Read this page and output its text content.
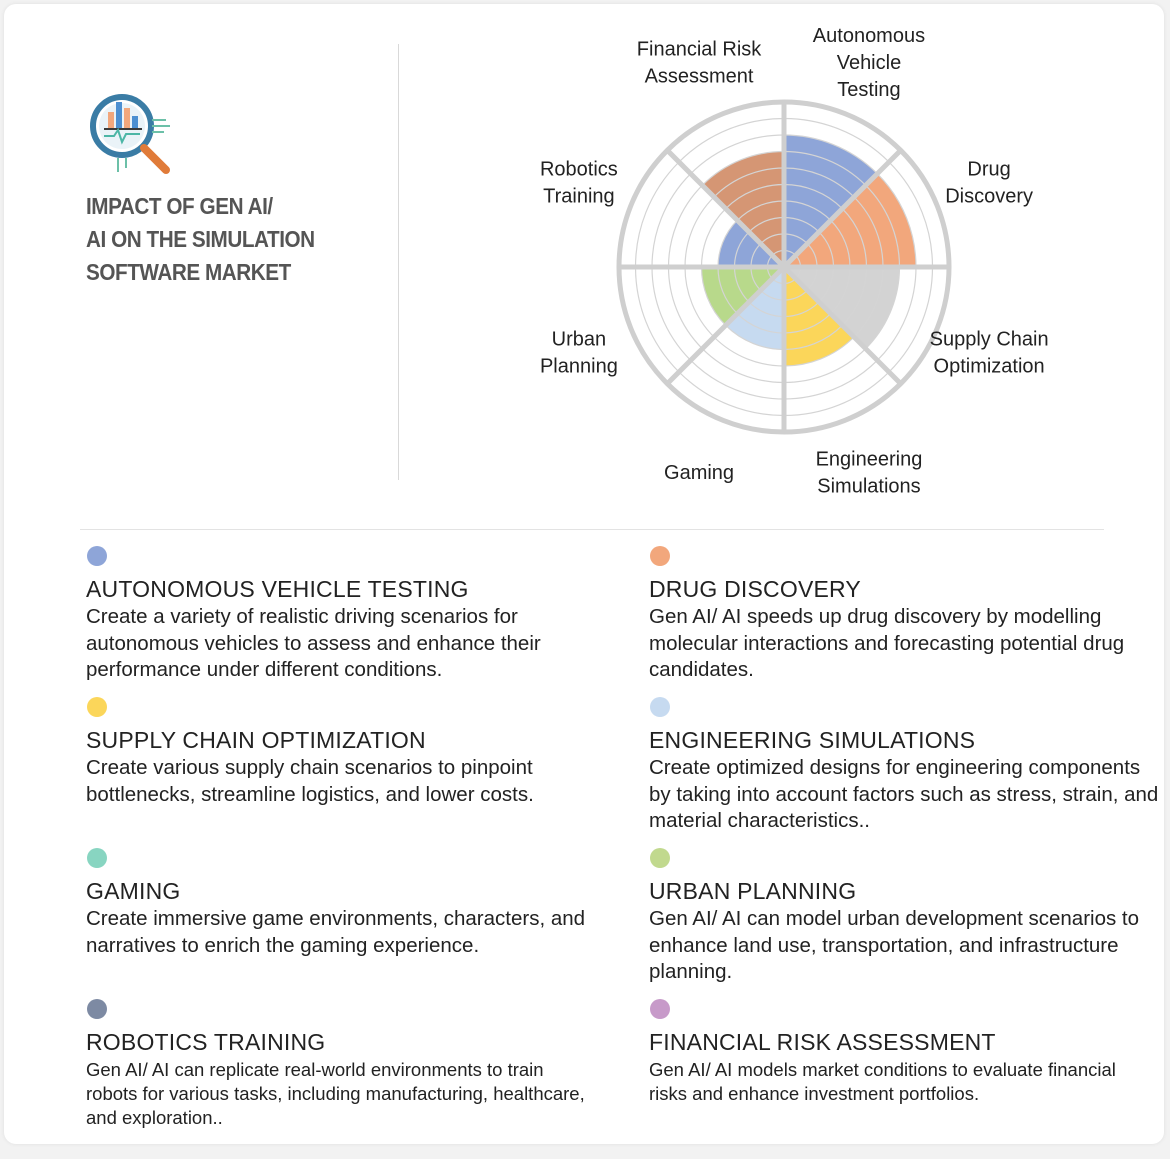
IMPACT OF GEN AI/
AI ON THE SIMULATION
SOFTWARE MARKET
Autonomous Vehicle Testing
Drug Discovery
Supply Chain Optimization
Engineering Simulations
Gaming
Urban Planning
Robotics Training
Financial Risk Assessment
AUTONOMOUS VEHICLE TESTING
Create a variety of realistic driving scenarios for autonomous vehicles to assess and enhance their performance under different conditions.
DRUG DISCOVERY
Gen AI/ AI speeds up drug discovery by modelling molecular interactions and forecasting potential drug candidates.
SUPPLY CHAIN OPTIMIZATION
Create various supply chain scenarios to pinpoint bottlenecks, streamline logistics, and lower costs.
ENGINEERING SIMULATIONS
Create optimized designs for engineering components by taking into account factors such as stress, strain, and material characteristics..
GAMING
Create immersive game environments, characters, and narratives to enrich the gaming experience.
URBAN PLANNING
Gen AI/ AI can model urban development scenarios to enhance land use, transportation, and infrastructure planning.
ROBOTICS TRAINING
Gen AI/ AI can replicate real-world environments to train robots for various tasks, including manufacturing, healthcare, and exploration..
FINANCIAL RISK ASSESSMENT
Gen AI/ AI models market conditions to evaluate financial risks and enhance investment portfolios.
